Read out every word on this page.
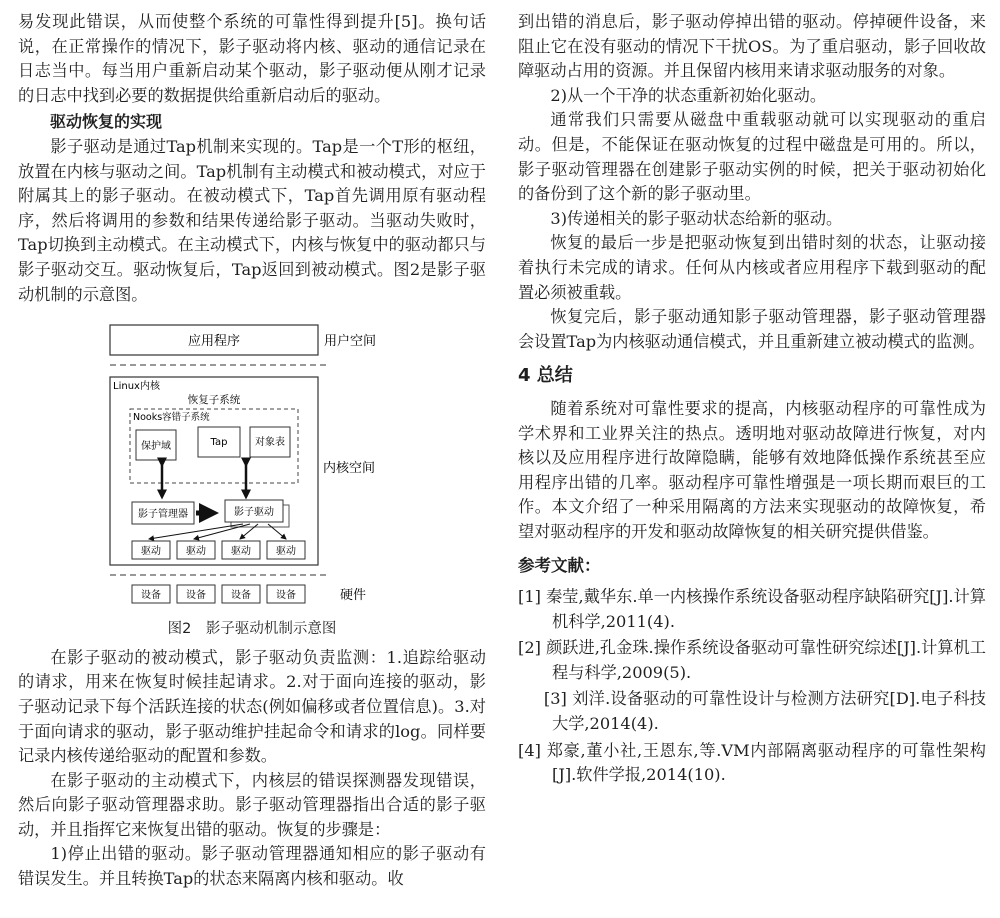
易发现此错误，从而使整个系统的可靠性得到提升[5]。换句话说，在正常操作的情况下，影子驱动将内核、驱动的通信记录在日志当中。每当用户重新启动某个驱动，影子驱动便从刚才记录的日志中找到必要的数据提供给重新启动后的驱动。

驱动恢复的实现

影子驱动是通过Tap机制来实现的。Tap是一个T形的枢纽，放置在内核与驱动之间。Tap机制有主动模式和被动模式，对应于附属其上的影子驱动。在被动模式下，Tap首先调用原有驱动程序，然后将调用的参数和结果传递给影子驱动。当驱动失败时，Tap切换到主动模式。在主动模式下，内核与恢复中的驱动都只与影子驱动交互。驱动恢复后，Tap返回到被动模式。图2是影子驱动机制的示意图。

应用程序	用户空间
Linux内核
恢复子系统
Nooks容错子系统
保护域	Tap	对象表
影子管理器	影子驱动
内核空间
驱动	驱动	驱动	驱动
设备	设备	设备	设备	硬件

图2　影子驱动机制示意图

在影子驱动的被动模式，影子驱动负责监测：1.追踪给驱动的请求，用来在恢复时候挂起请求。2.对于面向连接的驱动，影子驱动记录下每个活跃连接的状态(例如偏移或者位置信息)。3.对于面向请求的驱动，影子驱动维护挂起命令和请求的log。同样要记录内核传递给驱动的配置和参数。

在影子驱动的主动模式下，内核层的错误探测器发现错误，然后向影子驱动管理器求助。影子驱动管理器指出合适的影子驱动，并且指挥它来恢复出错的驱动。恢复的步骤是：

1)停止出错的驱动。影子驱动管理器通知相应的影子驱动有错误发生。并且转换Tap的状态来隔离内核和驱动。收

到出错的消息后，影子驱动停掉出错的驱动。停掉硬件设备，来阻止它在没有驱动的情况下干扰OS。为了重启驱动，影子回收故障驱动占用的资源。并且保留内核用来请求驱动服务的对象。

2)从一个干净的状态重新初始化驱动。

通常我们只需要从磁盘中重载驱动就可以实现驱动的重启动。但是，不能保证在驱动恢复的过程中磁盘是可用的。所以，影子驱动管理器在创建影子驱动实例的时候，把关于驱动初始化的备份到了这个新的影子驱动里。

3)传递相关的影子驱动状态给新的驱动。

恢复的最后一步是把驱动恢复到出错时刻的状态，让驱动接着执行未完成的请求。任何从内核或者应用程序下载到驱动的配置必须被重载。

恢复完后，影子驱动通知影子驱动管理器，影子驱动管理器会设置Tap为内核驱动通信模式，并且重新建立被动模式的监测。

4 总结

随着系统对可靠性要求的提高，内核驱动程序的可靠性成为学术界和工业界关注的热点。透明地对驱动故障进行恢复，对内核以及应用程序进行故障隐瞒，能够有效地降低操作系统甚至应用程序出错的几率。驱动程序可靠性增强是一项长期而艰巨的工作。本文介绍了一种采用隔离的方法来实现驱动的故障恢复，希望对驱动程序的开发和驱动故障恢复的相关研究提供借鉴。

参考文献：

[1] 秦莹,戴华东.单一内核操作系统设备驱动程序缺陷研究[J].计算机科学,2011(4).

[2] 颜跃进,孔金珠.操作系统设备驱动可靠性研究综述[J].计算机工程与科学,2009(5).

[3] 刘洋.设备驱动的可靠性设计与检测方法研究[D].电子科技大学,2014(4).

[4] 郑豪,董小社,王恩东,等.VM内部隔离驱动程序的可靠性架构[J].软件学报,2014(10).
